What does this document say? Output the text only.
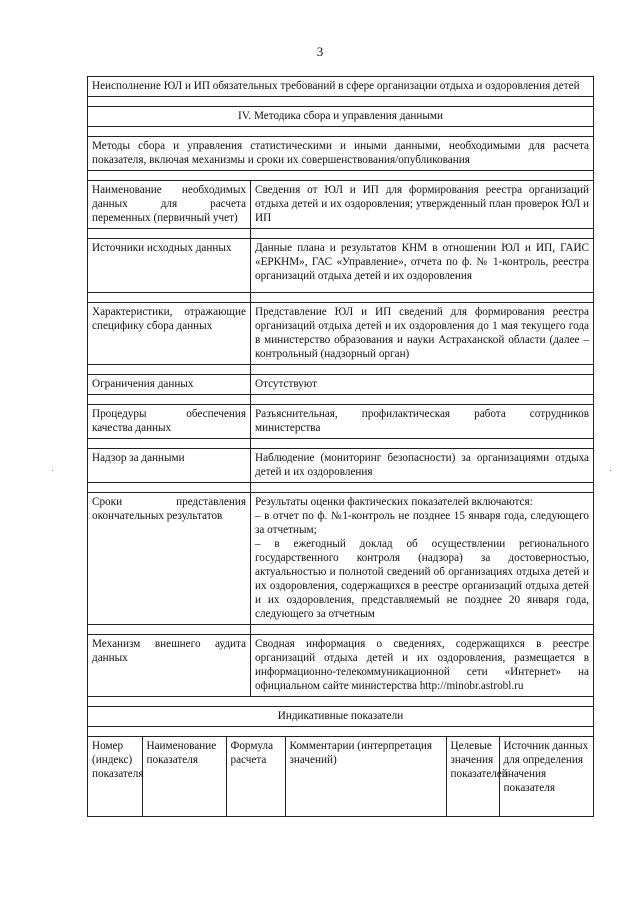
3
Неисполнение ЮЛ и ИП обязательных требований в сфере организации отдыха и оздоровления детей

IV. Методика сбора и управления данными

Методы сбора и управления статистическими и иными данными, необходимыми для расчета показателя, включая механизмы и сроки их совершенствования/опубликования

Наименование необходимых данных для расчета переменных (первичный учет)	Сведения от ЮЛ и ИП для формирования реестра организаций отдыха детей и их оздоровления; утвержденный план проверок ЮЛ и ИП

Источники исходных данных	Данные плана и результатов КНМ в отношении ЮЛ и ИП, ГАИС «ЕРКНМ», ГАС «Управление», отчета по ф. № 1-контроль, реестра организаций отдыха детей и их оздоровления

Характеристики, отражающие специфику сбора данных	Представление ЮЛ и ИП сведений для формирования реестра организаций отдыха детей и их оздоровления до 1 мая текущего года в министерство образования и науки Астраханской области (далее – контрольный (надзорный орган)

Ограничения данных	Отсутствуют

Процедуры обеспечения качества данных	Разъяснительная, профилактическая работа сотрудников министерства

Надзор за данными	Наблюдение (мониторинг безопасности) за организациями отдыха детей и их оздоровления

Сроки представления окончательных результатов	Результаты оценки фактических показателей включаются:
– в отчет по ф. №1-контроль не позднее 15 января года, следующего за отчетным;
– в ежегодный доклад об осуществлении регионального государственного контроля (надзора) за достоверностью, актуальностью и полнотой сведений об организациях отдыха детей и их оздоровления, содержащихся в реестре организаций отдыха детей и их оздоровления, представляемый не позднее 20 января года, следующего за отчетным

Механизм внешнего аудита данных	Сводная информация о сведениях, содержащихся в реестре организаций отдыха детей и их оздоровления, размещается в информационно-телекоммуникационной сети «Интернет» на официальном сайте министерства http://minobr.astrobl.ru

Индикативные показатели

Номер (индекс) показателя	Наименование показателя	Формула расчета	Комментарии (интерпретация значений)	Целевые значения показателей	Источник данных для определения значения показателя
